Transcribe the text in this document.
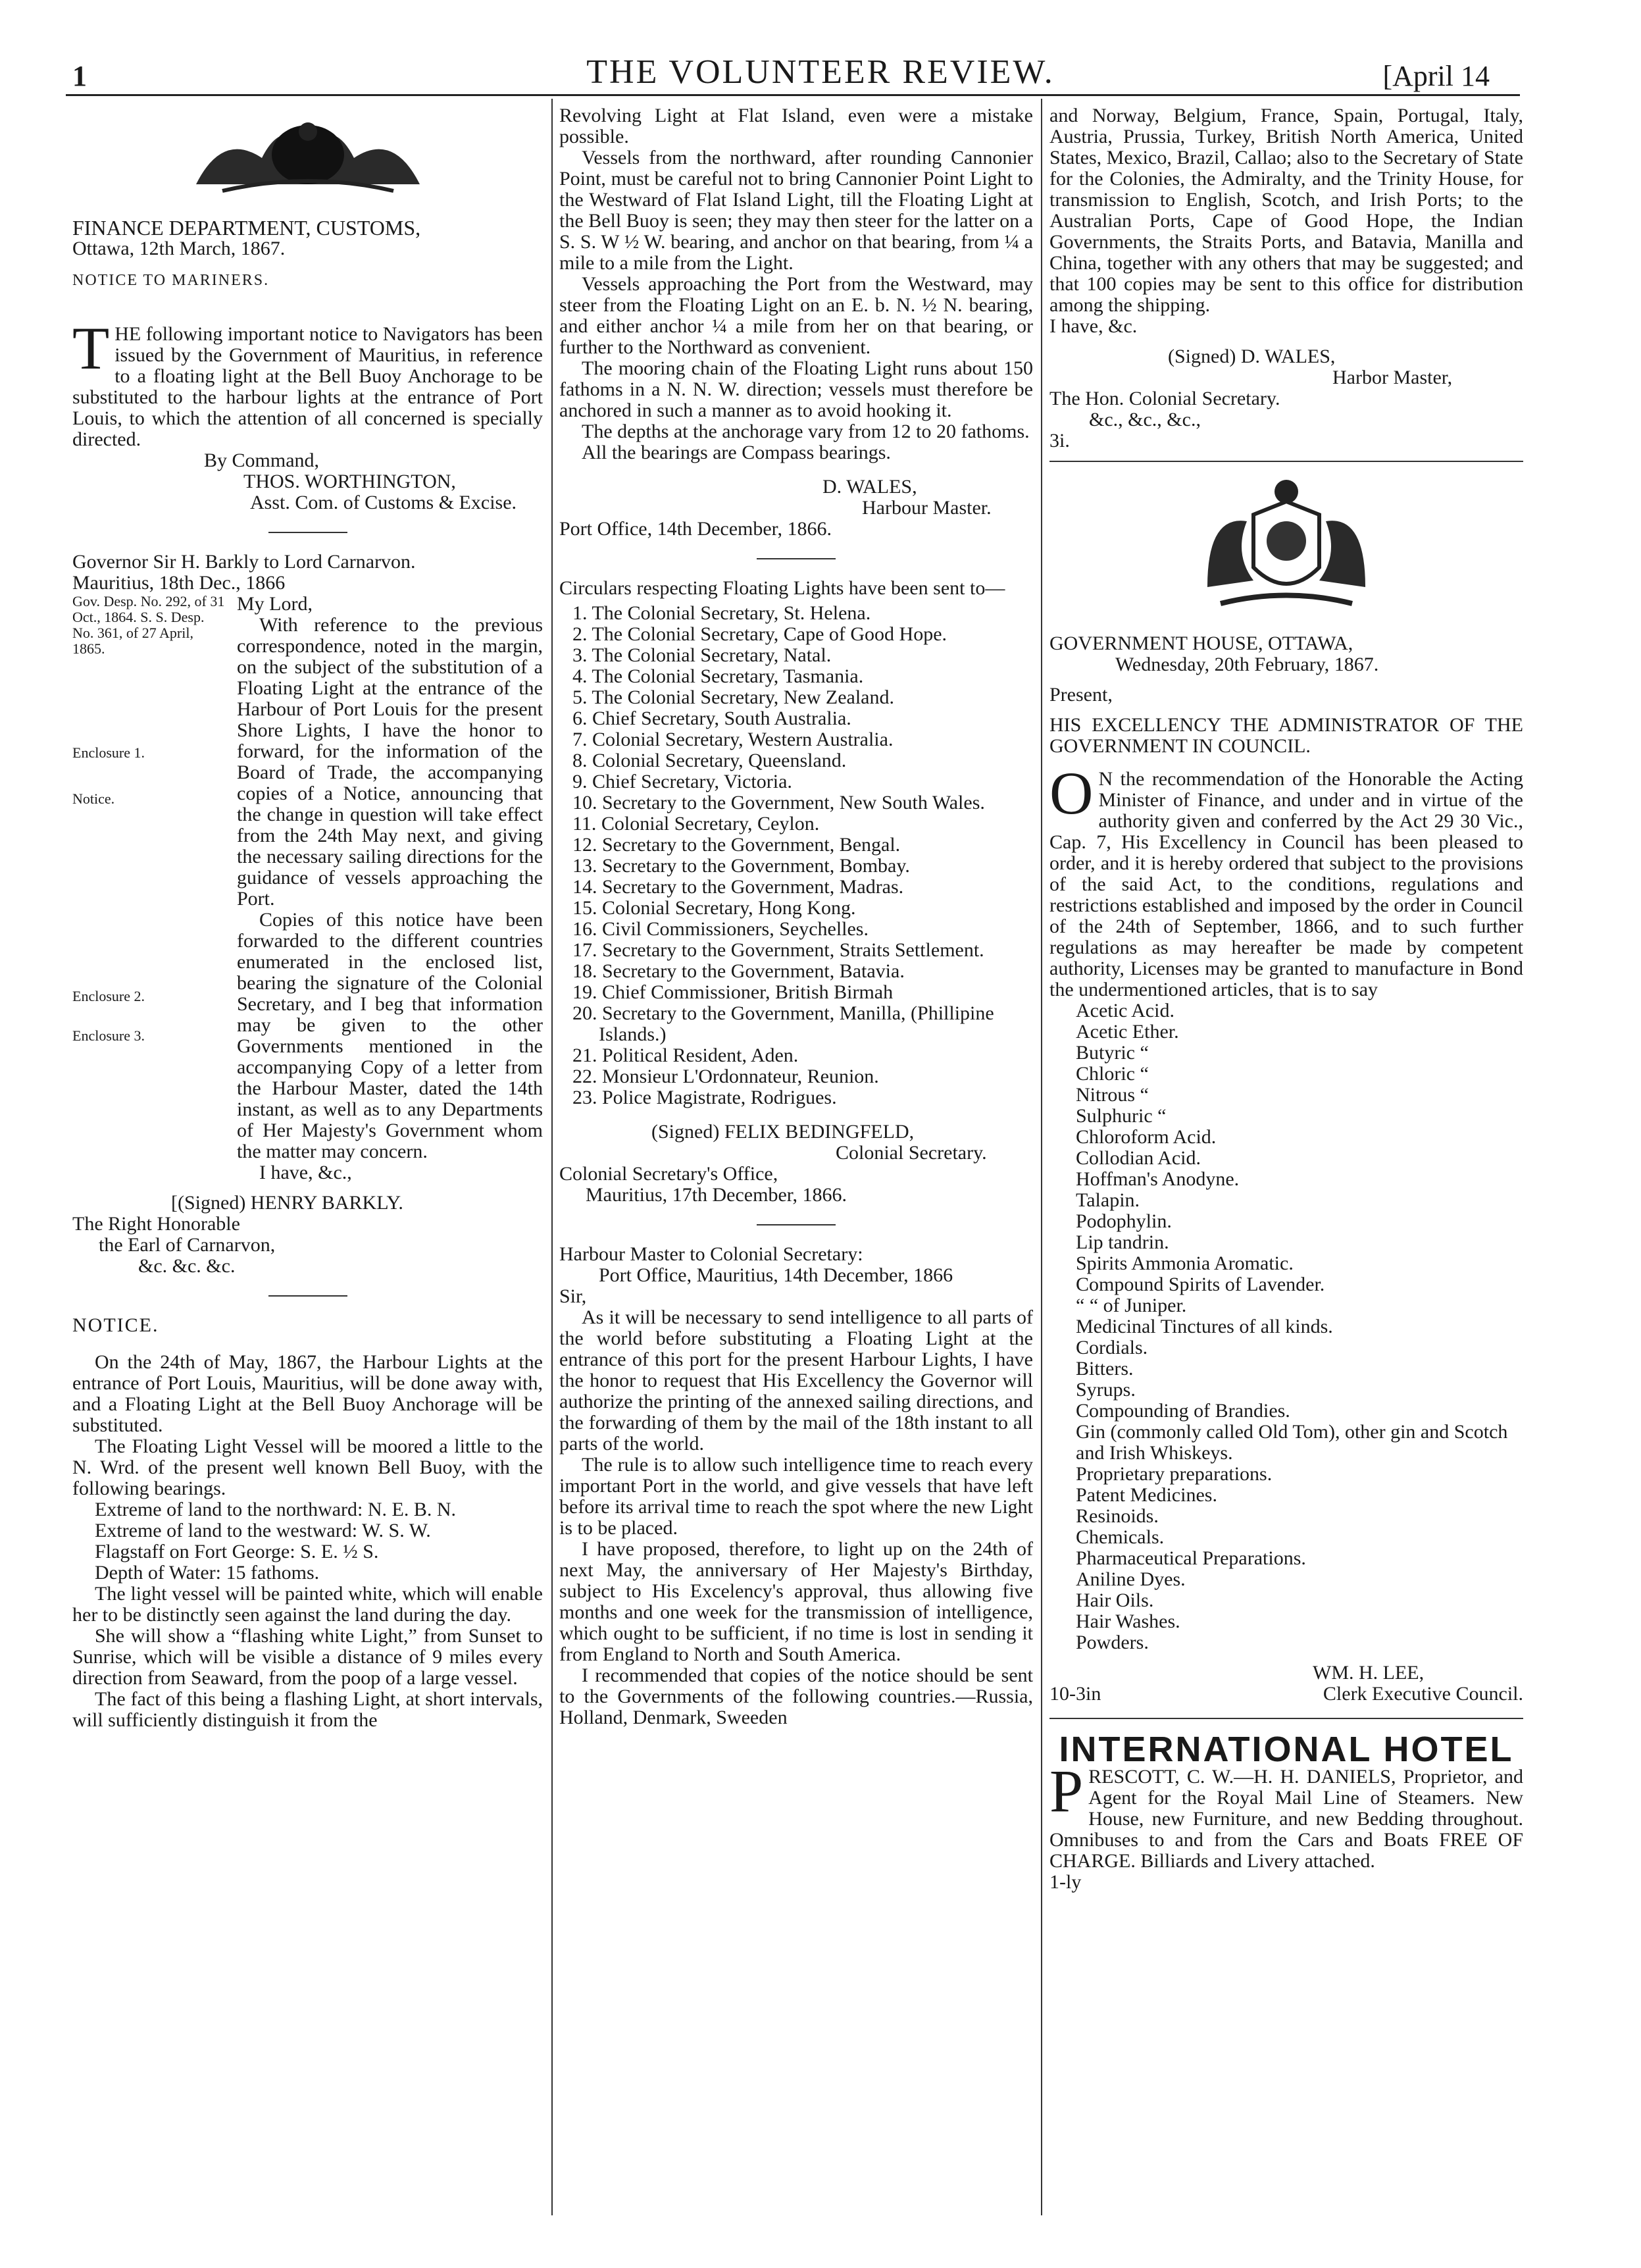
1	THE VOLUNTEER REVIEW.	[April 14

FINANCE DEPARTMENT, CUSTOMS,

Ottawa, 12th March, 1867.

NOTICE TO MARINERS.

T HE following important notice to Navigators has been issued by the Government of Mauritius, in reference to a floating light at the Bell Buoy Anchorage to be substituted to the harbour lights at the entrance of Port Louis, to which the attention of all concerned is specially directed.

By Command,

THOS. WORTHINGTON,

Asst. Com. of Customs & Excise.

Governor Sir H. Barkly to Lord Carnarvon.

Mauritius, 18th Dec., 1866

Gov. Desp. No. 292, of 31 Oct., 1864. S. S. Desp. No. 361, of 27 April, 1865.
Enclosure 1.
Notice.
Enclosure 2.
Enclosure 3.

My Lord,

With reference to the previous correspondence, noted in the margin, on the subject of the substitution of a Floating Light at the entrance of the Harbour of Port Louis for the present Shore Lights, I have the honor to forward, for the information of the Board of Trade, the accompanying copies of a Notice, announcing that the change in question will take effect from the 24th May next, and giving the necessary sailing directions for the guidance of vessels approaching the Port.

Copies of this notice have been forwarded to the different countries enumerated in the enclosed list, bearing the signature of the Colonial Secretary, and I beg that information may be given to the other Governments mentioned in the accompanying Copy of a letter from the Harbour Master, dated the 14th instant, as well as to any Departments of Her Majesty's Government whom the matter may concern.

I have, &c.,

[(Signed) HENRY BARKLY.

The Right Honorable

the Earl of Carnarvon,

&c. &c. &c.

NOTICE.

On the 24th of May, 1867, the Harbour Lights at the entrance of Port Louis, Mauritius, will be done away with, and a Floating Light at the Bell Buoy Anchorage will be substituted.

The Floating Light Vessel will be moored a little to the N. Wrd. of the present well known Bell Buoy, with the following bearings.

Extreme of land to the northward: N. E. B. N.

Extreme of land to the westward: W. S. W.

Flagstaff on Fort George: S. E. ½ S.

Depth of Water: 15 fathoms.

The light vessel will be painted white, which will enable her to be distinctly seen against the land during the day.

She will show a “flashing white Light,” from Sunset to Sunrise, which will be visible a distance of 9 miles every direction from Seaward, from the poop of a large vessel.

The fact of this being a flashing Light, at short intervals, will sufficiently distinguish it from the

Revolving Light at Flat Island, even were a mistake possible.

Vessels from the northward, after rounding Cannonier Point, must be careful not to bring Cannonier Point Light to the Westward of Flat Island Light, till the Floating Light at the Bell Buoy is seen; they may then steer for the latter on a S. S. W ½ W. bearing, and anchor on that bearing, from ¼ a mile to a mile from the Light.

Vessels approaching the Port from the Westward, may steer from the Floating Light on an E. b. N. ½ N. bearing, and either anchor ¼ a mile from her on that bearing, or further to the Northward as convenient.

The mooring chain of the Floating Light runs about 150 fathoms in a N. N. W. direction; vessels must therefore be anchored in such a manner as to avoid hooking it.

The depths at the anchorage vary from 12 to 20 fathoms.

All the bearings are Compass bearings.

D. WALES,

Harbour Master.

Port Office, 14th December, 1866.

Circulars respecting Floating Lights have been sent to—

1. The Colonial Secretary, St. Helena.
2. The Colonial Secretary, Cape of Good Hope.
3. The Colonial Secretary, Natal.
4. The Colonial Secretary, Tasmania.
5. The Colonial Secretary, New Zealand.
6. Chief Secretary, South Australia.
7. Colonial Secretary, Western Australia.
8. Colonial Secretary, Queensland.
9. Chief Secretary, Victoria.
10. Secretary to the Government, New South Wales.
11. Colonial Secretary, Ceylon.
12. Secretary to the Government, Bengal.
13. Secretary to the Government, Bombay.
14. Secretary to the Government, Madras.
15. Colonial Secretary, Hong Kong.
16. Civil Commissioners, Seychelles.
17. Secretary to the Government, Straits Settlement.
18. Secretary to the Government, Batavia.
19. Chief Commissioner, British Birmah
20. Secretary to the Government, Manilla, (Phillipine Islands.)
21. Political Resident, Aden.
22. Monsieur L'Ordonnateur, Reunion.
23. Police Magistrate, Rodrigues.

(Signed) FELIX BEDINGFELD,

Colonial Secretary.

Colonial Secretary's Office,

Mauritius, 17th December, 1866.

Harbour Master to Colonial Secretary:

Port Office, Mauritius, 14th December, 1866

Sir,

As it will be necessary to send intelligence to all parts of the world before substituting a Floating Light at the entrance of this port for the present Harbour Lights, I have the honor to request that His Excellency the Governor will authorize the printing of the annexed sailing directions, and the forwarding of them by the mail of the 18th instant to all parts of the world.

The rule is to allow such intelligence time to reach every important Port in the world, and give vessels that have left before its arrival time to reach the spot where the new Light is to be placed.

I have proposed, therefore, to light up on the 24th of next May, the anniversary of Her Majesty's Birthday, subject to His Excelency's approval, thus allowing five months and one week for the transmission of intelligence, which ought to be sufficient, if no time is lost in sending it from England to North and South America.

I recommended that copies of the notice should be sent to the Governments of the following countries.—Russia, Holland, Denmark, Sweeden

and Norway, Belgium, France, Spain, Portugal, Italy, Austria, Prussia, Turkey, British North America, United States, Mexico, Brazil, Callao; also to the Secretary of State for the Colonies, the Admiralty, and the Trinity House, for transmission to English, Scotch, and Irish Ports; to the Australian Ports, Cape of Good Hope, the Indian Governments, the Straits Ports, and Batavia, Manilla and China, together with any others that may be suggested; and that 100 copies may be sent to this office for distribution among the shipping.

I have, &c.

(Signed) D. WALES,

Harbor Master,

The Hon. Colonial Secretary.

&c., &c., &c.,

3i.

GOVERNMENT HOUSE, OTTAWA,

Wednesday, 20th February, 1867.

Present,

HIS EXCELLENCY THE ADMINISTRATOR OF THE GOVERNMENT IN COUNCIL.

O N the recommendation of the Honorable the Acting Minister of Finance, and under and in virtue of the authority given and conferred by the Act 29 30 Vic., Cap. 7, His Excellency in Council has been pleased to order, and it is hereby ordered that subject to the provisions of the said Act, to the conditions, regulations and restrictions established and imposed by the order in Council of the 24th of September, 1866, and to such further regulations as may hereafter be made by competent authority, Licenses may be granted to manufacture in Bond the undermentioned articles, that is to say

Acetic Acid.
Acetic Ether.
Butyric “
Chloric “
Nitrous “
Sulphuric “
Chloroform Acid.
Collodian Acid.
Hoffman's Anodyne.
Talapin.
Podophylin.
Lip tandrin.
Spirits Ammonia Aromatic.
Compound Spirits of Lavender.
“ “ of Juniper.
Medicinal Tinctures of all kinds.
Cordials.
Bitters.
Syrups.
Compounding of Brandies.
Gin (commonly called Old Tom), other gin and Scotch and Irish Whiskeys.
Proprietary preparations.
Patent Medicines.
Resinoids.
Chemicals.
Pharmaceutical Preparations.
Aniline Dyes.
Hair Oils.
Hair Washes.
Powders.

WM. H. LEE,

10-3in	Clerk Executive Council.
INTERNATIONAL HOTEL
P RESCOTT, C. W.—H. H. DANIELS, Proprietor, and Agent for the Royal Mail Line of Steamers. New House, new Furniture, and new Bedding throughout. Omnibuses to and from the Cars and Boats FREE OF CHARGE. Billiards and Livery attached.

1-ly
